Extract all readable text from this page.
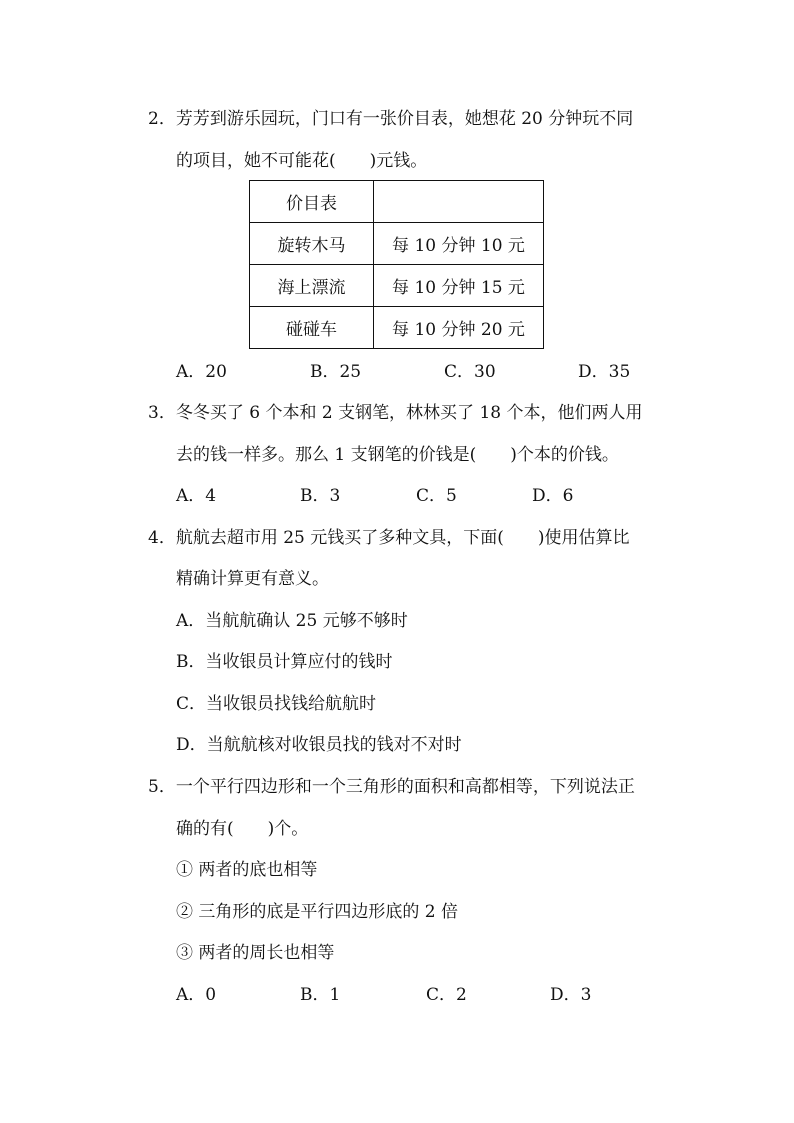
2．芳芳到游乐园玩，门口有一张价目表，她想花 20 分钟玩不同
的项目，她不可能花(　　)元钱。
价目表	
旋转木马	每 10 分钟 10 元
海上漂流	每 10 分钟 15 元
碰碰车	每 10 分钟 20 元
A．20	B．25	C．30	D．35
3．冬冬买了 6 个本和 2 支钢笔，林林买了 18 个本，他们两人用
去的钱一样多。那么 1 支钢笔的价钱是(　　)个本的价钱。
A．4	B．3	C．5	D．6
4．航航去超市用 25 元钱买了多种文具，下面(　　)使用估算比
精确计算更有意义。
A．当航航确认 25 元够不够时
B．当收银员计算应付的钱时
C．当收银员找钱给航航时
D．当航航核对收银员找的钱对不对时
5．一个平行四边形和一个三角形的面积和高都相等，下列说法正
确的有(　　)个。
① 两者的底也相等
② 三角形的底是平行四边形底的 2 倍
③ 两者的周长也相等
A．0	B．1	C．2	D．3
